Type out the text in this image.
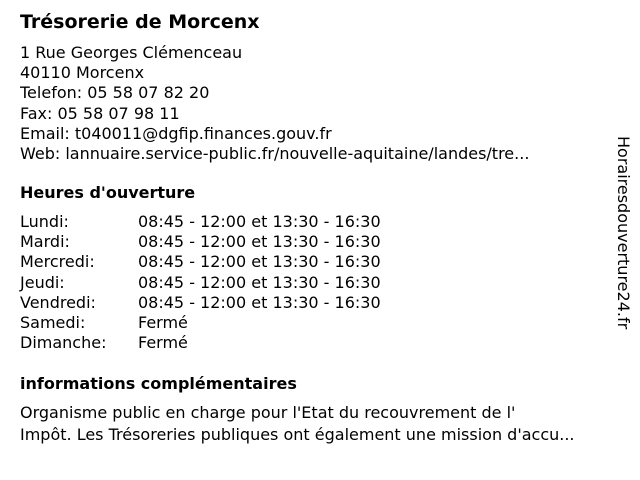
Trésorerie de Morcenx
1 Rue Georges Clémenceau
40110 Morcenx
Telefon: 05 58 07 82 20
Fax: 05 58 07 98 11
Email: t040011@dgfip.finances.gouv.fr
Web: lannuaire.service-public.fr/nouvelle-aquitaine/landes/tre...
Heures d'ouverture
Lundi:	08:45 - 12:00 et 13:30 - 16:30
Mardi:	08:45 - 12:00 et 13:30 - 16:30
Mercredi:	08:45 - 12:00 et 13:30 - 16:30
Jeudi:	08:45 - 12:00 et 13:30 - 16:30
Vendredi:	08:45 - 12:00 et 13:30 - 16:30
Samedi:	Fermé
Dimanche: Fermé
informations complémentaires
Organisme public en charge pour l'Etat du recouvrement de l'
Impôt. Les Trésoreries publiques ont également une mission d'accu...
Horairesdouverture24.fr
